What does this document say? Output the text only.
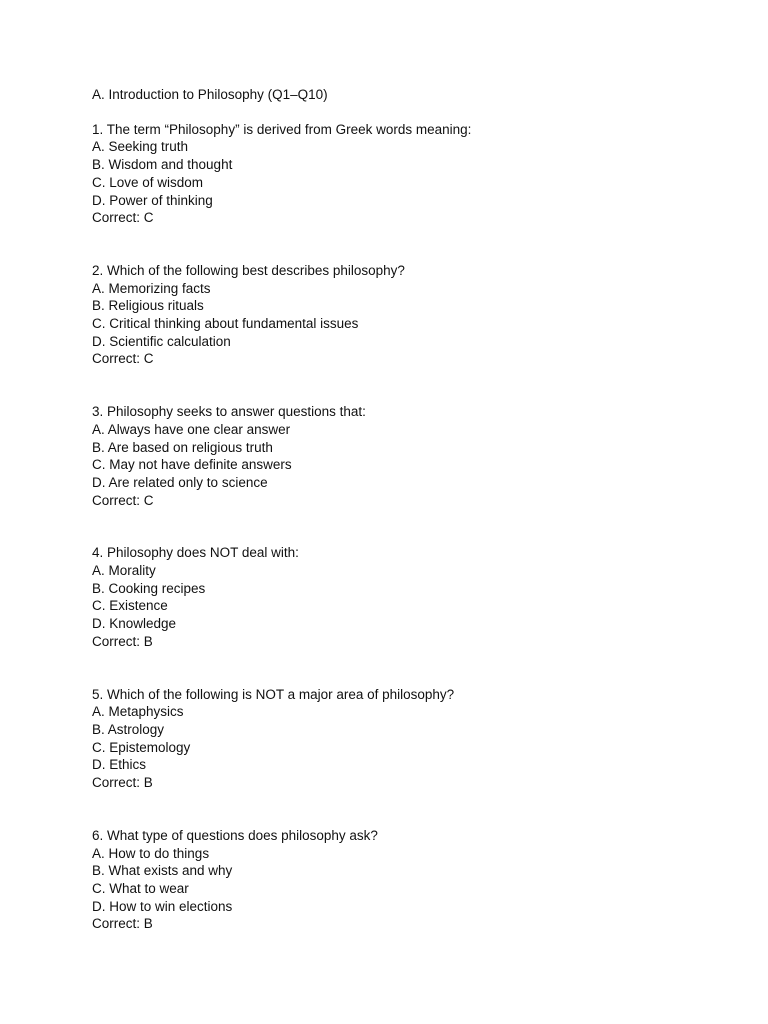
A. Introduction to Philosophy (Q1–Q10)
1. The term “Philosophy” is derived from Greek words meaning:
A. Seeking truth
B. Wisdom and thought
C. Love of wisdom
D. Power of thinking
Correct: C
2. Which of the following best describes philosophy?
A. Memorizing facts
B. Religious rituals
C. Critical thinking about fundamental issues
D. Scientific calculation
Correct: C
3. Philosophy seeks to answer questions that:
A. Always have one clear answer
B. Are based on religious truth
C. May not have definite answers
D. Are related only to science
Correct: C
4. Philosophy does NOT deal with:
A. Morality
B. Cooking recipes
C. Existence
D. Knowledge
Correct: B
5. Which of the following is NOT a major area of philosophy?
A. Metaphysics
B. Astrology
C. Epistemology
D. Ethics
Correct: B
6. What type of questions does philosophy ask?
A. How to do things
B. What exists and why
C. What to wear
D. How to win elections
Correct: B
